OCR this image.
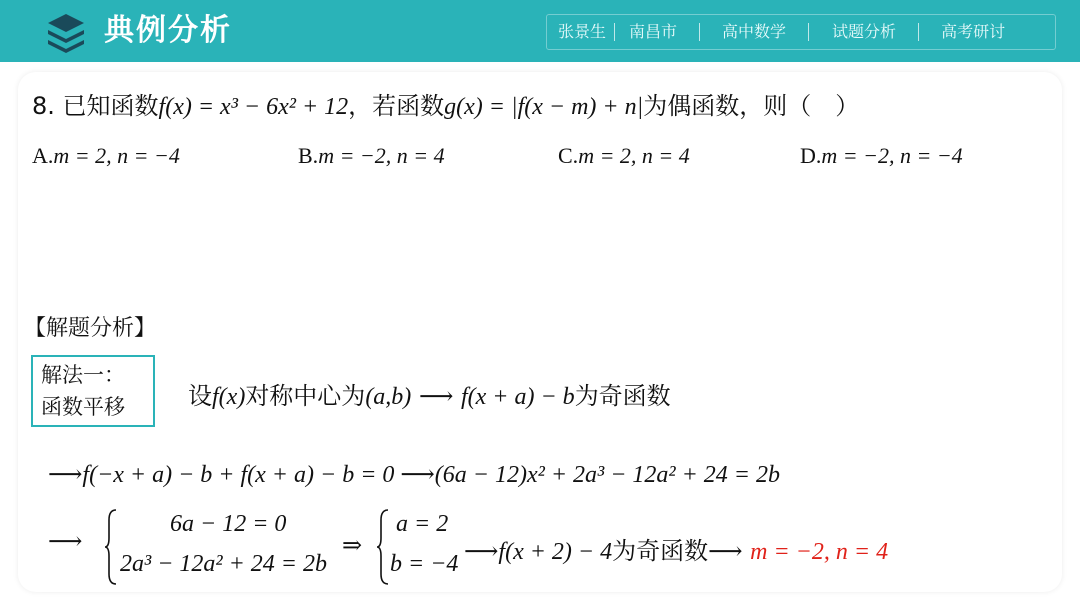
典例分析	张景生 南昌市	高中数学	试题分析	高考研讨
8. 已知函数f(x) = x³ − 6x² + 12，若函数g(x) = |f(x − m) + n|为偶函数，则（　）
A.m = 2, n = −4	B.m = −2, n = 4	C.m = 2, n = 4	D.m = −2, n = −4
【解题分析】
解法一：
函数平移	设f(x)对称中心为(a,b) ⟶ f(x + a) − b为奇函数
⟶f(−x + a) − b + f(x + a) − b = 0 ⟶(6a − 12)x² + 2a³ − 12a² + 24 = 2b
⟶
6a − 12 = 0
2a³ − 12a² + 24 = 2b
⇒
a = 2
b = −4 ⟶f(x + 2) − 4为奇函数⟶ m = −2, n = 4
